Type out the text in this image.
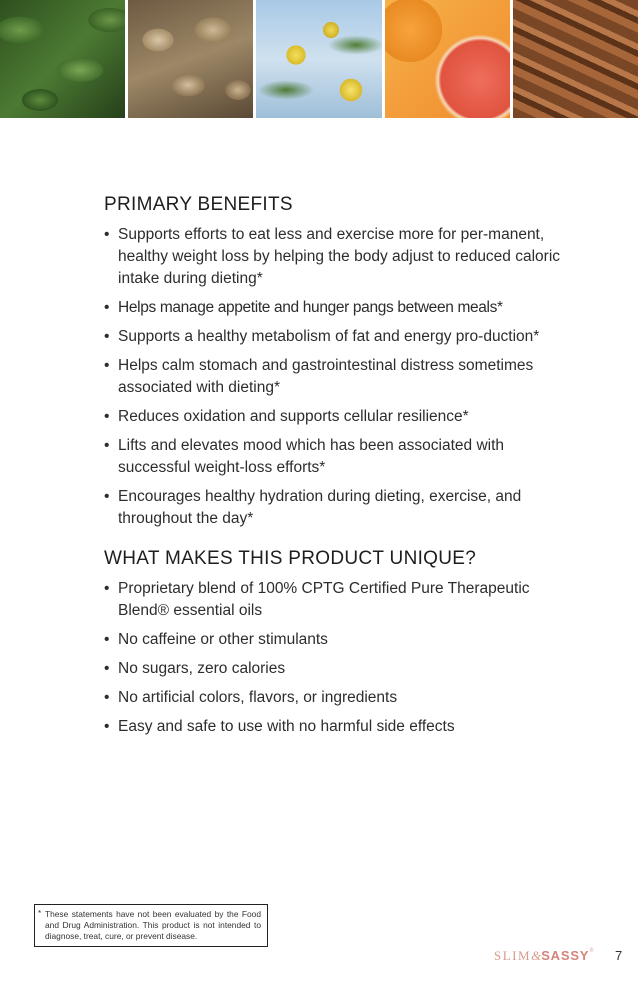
PRIMARY BENEFITS
• Supports efforts to eat less and exercise more for per-manent, healthy weight loss by helping the body adjust to reduced caloric intake during dieting*
• Helps manage appetite and hunger pangs between meals*
• Supports a healthy metabolism of fat and energy pro-duction*
• Helps calm stomach and gastrointestinal distress sometimes associated with dieting*
• Reduces oxidation and supports cellular resilience*
• Lifts and elevates mood which has been associated with successful weight-loss efforts*
• Encourages healthy hydration during dieting, exercise, and throughout the day*
WHAT MAKES THIS PRODUCT UNIQUE?
• Proprietary blend of 100% CPTG Certified Pure Therapeutic Blend® essential oils
• No caffeine or other stimulants
• No sugars, zero calories
• No artificial colors, flavors, or ingredients
• Easy and safe to use with no harmful side effects
* These statements have not been evaluated by the Food and Drug Administration. This product is not intended to diagnose, treat, cure, or prevent disease.
SLIM&SASSY® 7
